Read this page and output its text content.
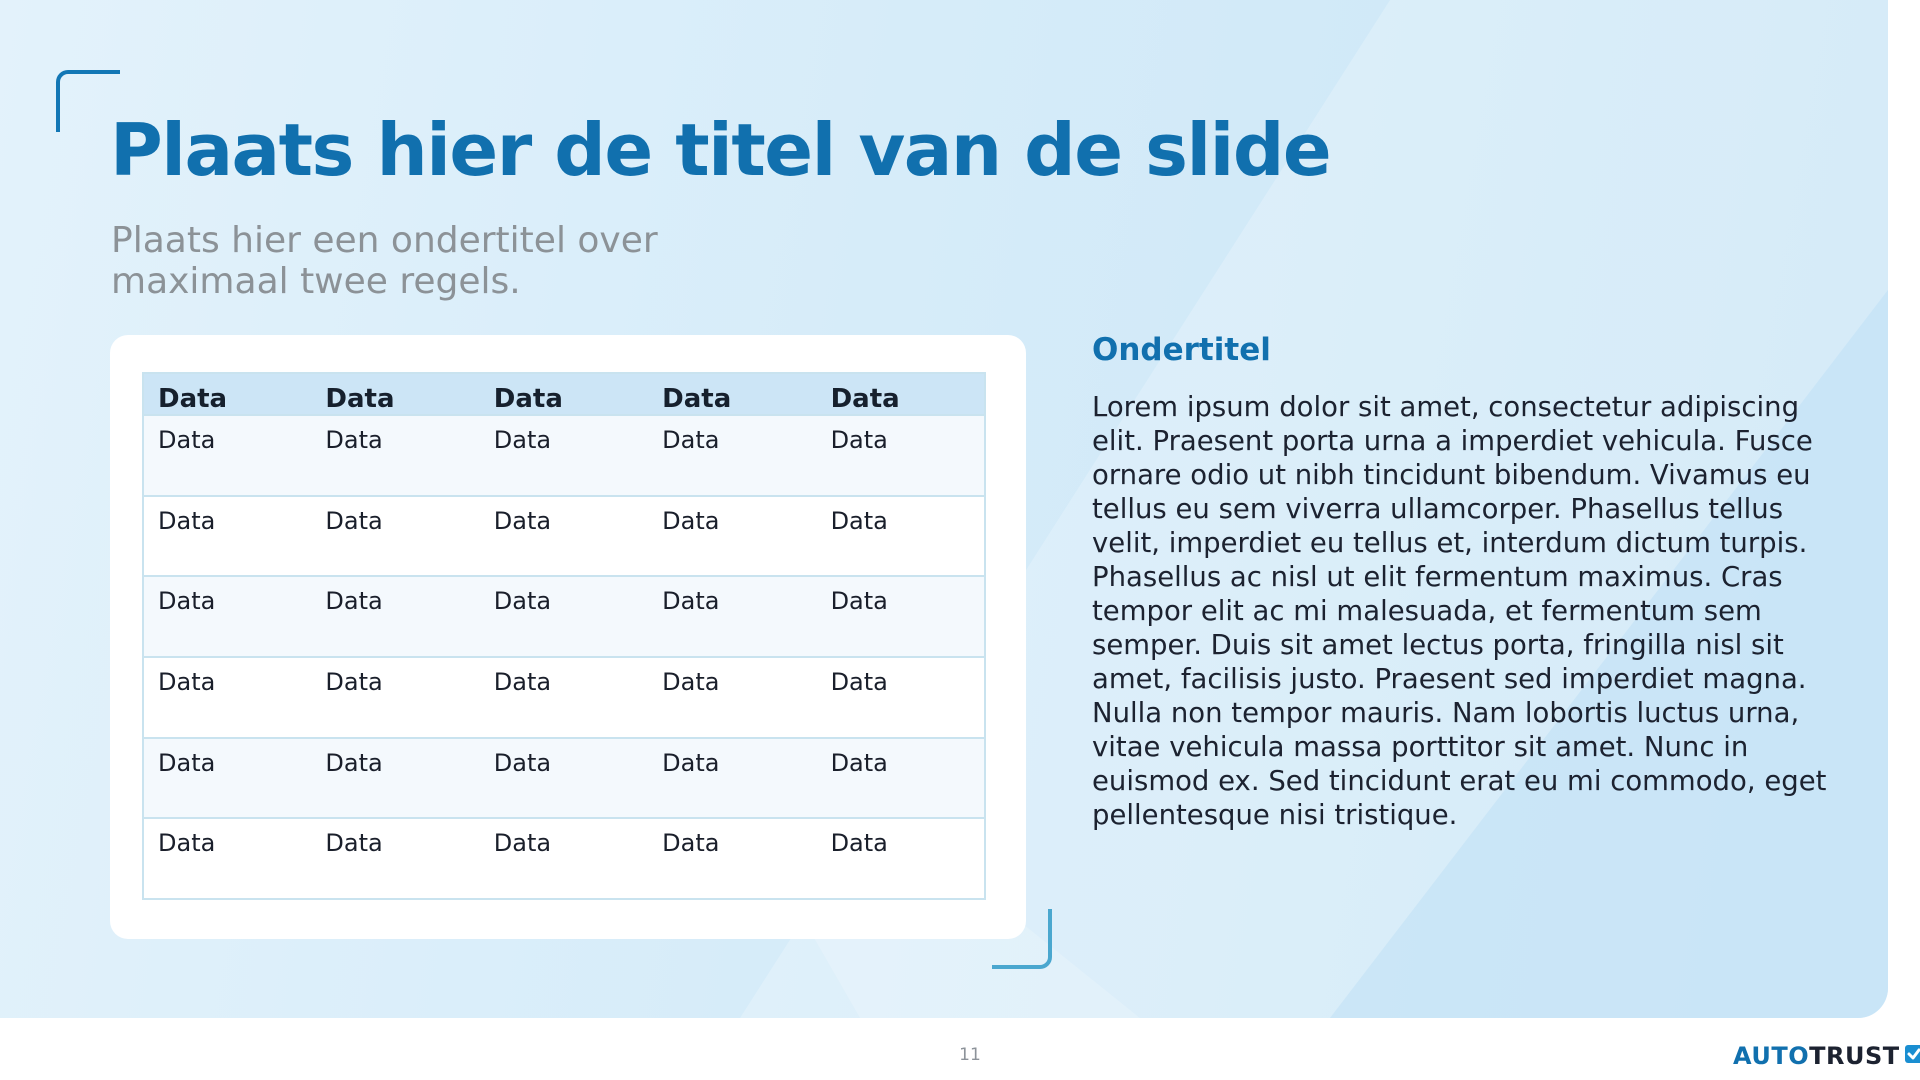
Plaats hier de titel van de slide
Plaats hier een ondertitel over maximaal twee regels.
Data	Data	Data	Data	Data
Data	Data	Data	Data	Data
Data	Data	Data	Data	Data
Data	Data	Data	Data	Data
Data	Data	Data	Data	Data
Data	Data	Data	Data	Data
Data	Data	Data	Data	Data
Ondertitel
Lorem ipsum dolor sit amet, consectetur adipiscing elit. Praesent porta urna a imperdiet vehicula. Fusce ornare odio ut nibh tincidunt bibendum. Vivamus eu tellus eu sem viverra ullamcorper. Phasellus tellus velit, imperdiet eu tellus et, interdum dictum turpis. Phasellus ac nisl ut elit fermentum maximus. Cras tempor elit ac mi malesuada, et fermentum sem semper. Duis sit amet lectus porta, fringilla nisl sit amet, facilisis justo. Praesent sed imperdiet magna. Nulla non tempor mauris. Nam lobortis luctus urna, vitae vehicula massa porttitor sit amet. Nunc in euismod ex. Sed tincidunt erat eu mi commodo, eget pellentesque nisi tristique.
11	AUTOTRUST
